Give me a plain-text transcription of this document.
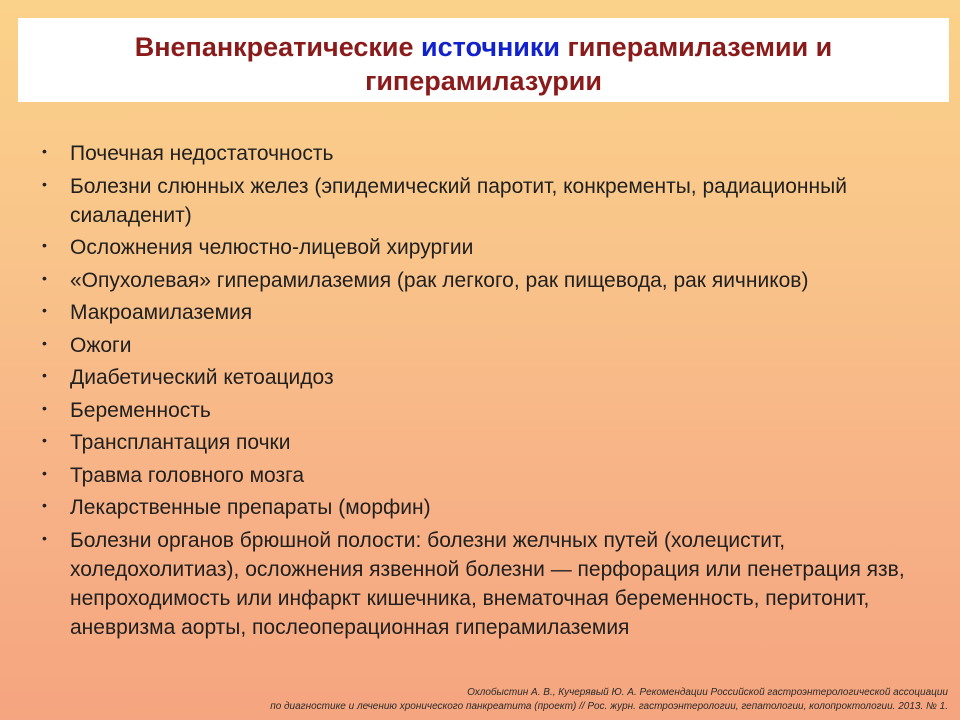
Внепанкреатические источники гиперамилаземии и
гиперамилазурии
• Почечная недостаточность
• Болезни слюнных желез (эпидемический паротит, конкременты, радиационный сиаладенит)
• Осложнения челюстно-лицевой хирургии
• «Опухолевая» гиперамилаземия (рак легкого, рак пищевода, рак яичников)
• Макроамилаземия
• Ожоги
• Диабетический кетоацидоз
• Беременность
• Трансплантация почки
• Травма головного мозга
• Лекарственные препараты (морфин)
• Болезни органов брюшной полости: болезни желчных путей (холецистит, холедохолитиаз), осложнения язвенной болезни — перфорация или пенетрация язв, непроходимость или инфаркт кишечника, внематочная беременность, перитонит, аневризма аорты, послеоперационная гиперамилаземия
Охлобыстин А. В., Кучерявый Ю. А. Рекомендации Российской гастроэнтерологической ассоциации
по диагностике и лечению хронического панкреатита (проект) // Рос. журн. гастроэнтерологии, гепатологии, колопроктологии. 2013. № 1.
